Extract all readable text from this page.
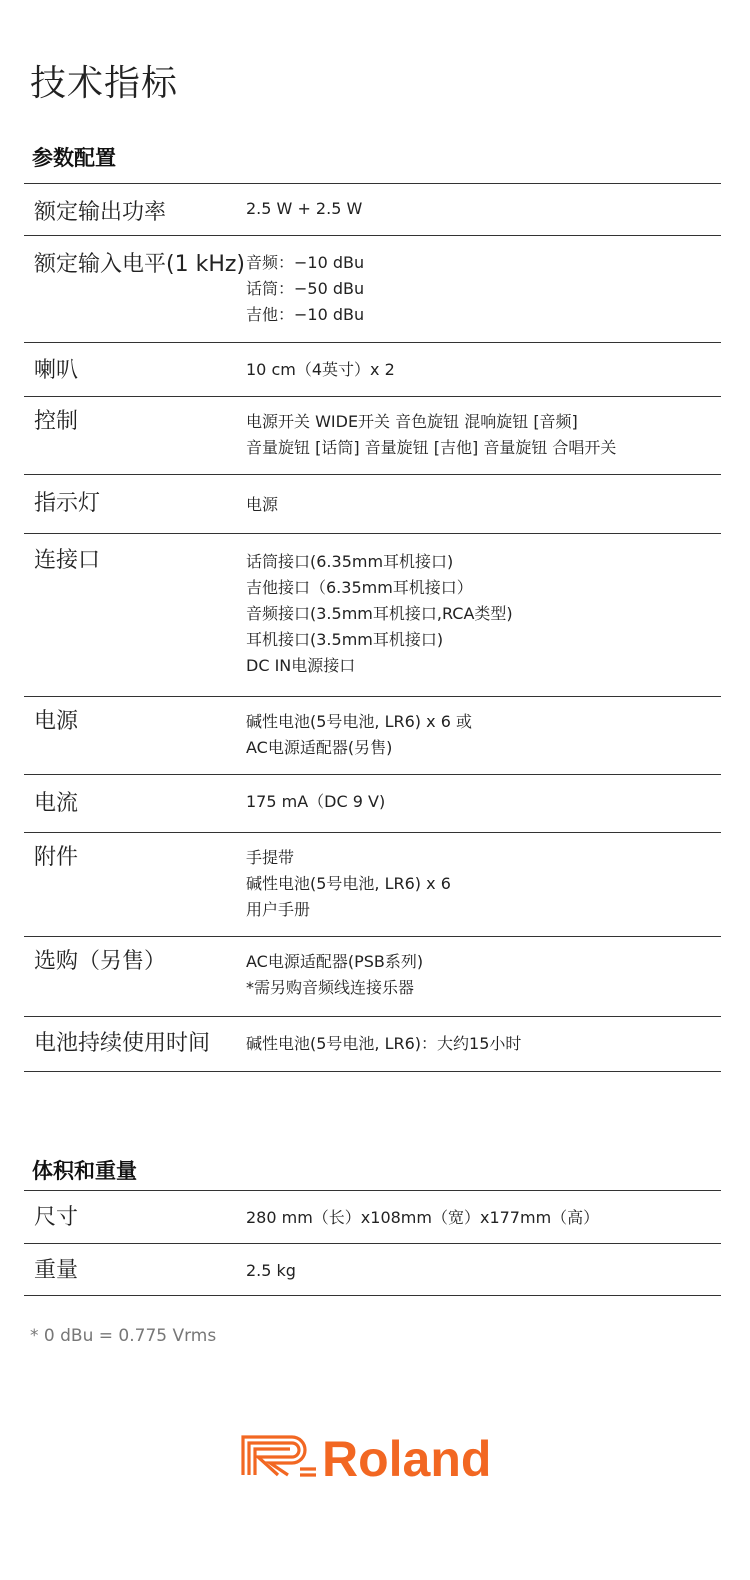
技术指标
参数配置
额定输出功率	2.5 W + 2.5 W
额定输入电平(1 kHz) 音频：−10 dBu
话筒：−50 dBu
吉他：−10 dBu
喇叭	10 cm（4英寸）x 2
控制	电源开关 WIDE开关 音色旋钮 混响旋钮 [音频]
音量旋钮 [话筒] 音量旋钮 [吉他] 音量旋钮 合唱开关
指示灯	电源
连接口	话筒接口(6.35mm耳机接口)
吉他接口（6.35mm耳机接口）
音频接口(3.5mm耳机接口,RCA类型)
耳机接口(3.5mm耳机接口)
DC IN电源接口
电源	碱性电池(5号电池, LR6) x 6 或
AC电源适配器(另售)
电流	175 mA（DC 9 V)
附件	手提带
碱性电池(5号电池, LR6) x 6
用户手册
选购（另售）	AC电源适配器(PSB系列)
*需另购音频线连接乐器
电池持续使用时间	碱性电池(5号电池, LR6)：大约15小时
体积和重量
尺寸	280 mm（长）x108mm（宽）x177mm（高）
重量	2.5 kg
* 0 dBu = 0.775 Vrms
Roland
